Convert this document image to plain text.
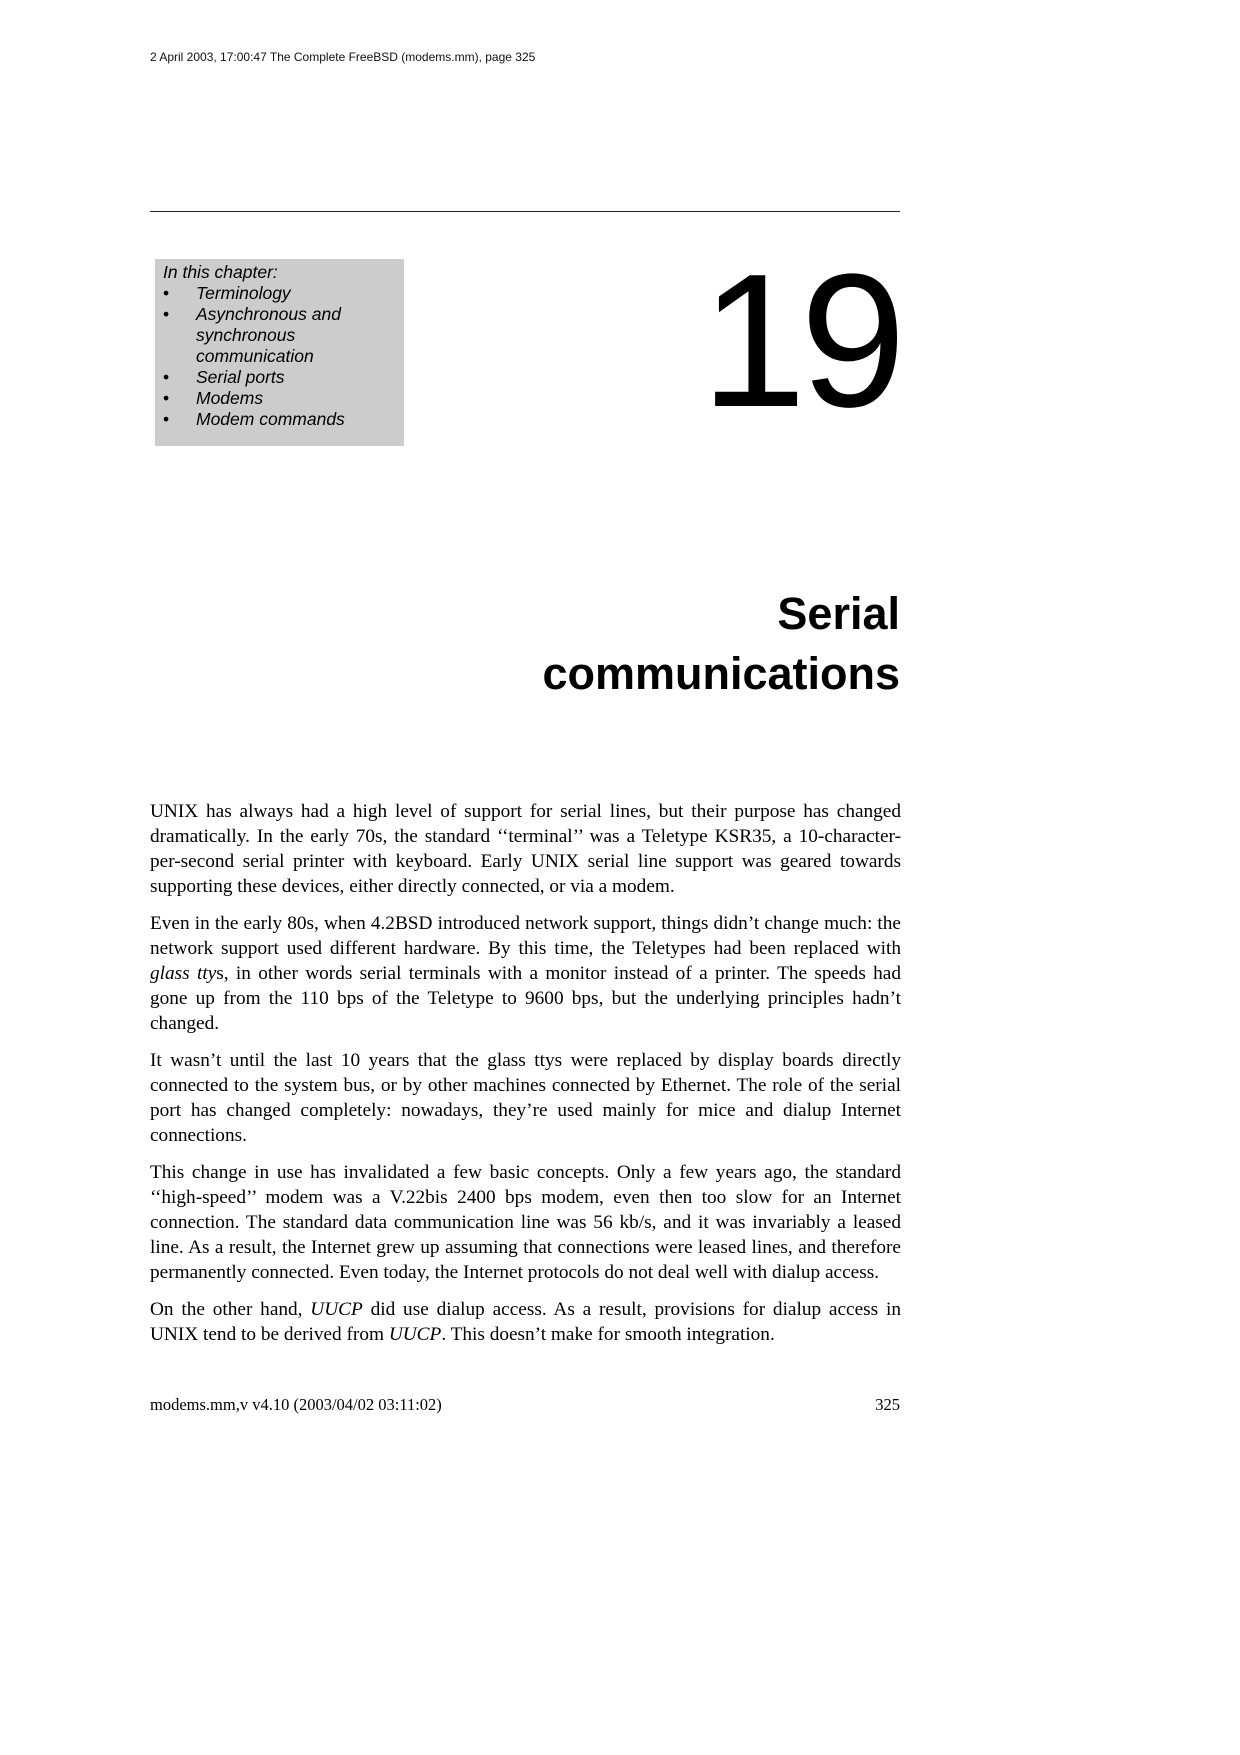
2 April 2003, 17:00:47 The Complete FreeBSD (modems.mm), page 325
In this chapter:
• Terminology
• Asynchronous and synchronous communication
• Serial ports
• Modems
• Modem commands	19
Serial
communications

UNIX has always had a high level of support for serial lines, but their purpose has changed dramatically. In the early 70s, the standard ‘‘terminal’’ was a Teletype KSR35, a 10-character-per-second serial printer with keyboard. Early UNIX serial line support was geared towards supporting these devices, either directly connected, or via a modem.

Even in the early 80s, when 4.2BSD introduced network support, things didn’t change much: the network support used different hardware. By this time, the Teletypes had been replaced with glass ttys, in other words serial terminals with a monitor instead of a printer. The speeds had gone up from the 110 bps of the Teletype to 9600 bps, but the underlying principles hadn’t changed.

It wasn’t until the last 10 years that the glass ttys were replaced by display boards directly connected to the system bus, or by other machines connected by Ethernet. The role of the serial port has changed completely: nowadays, they’re used mainly for mice and dialup Internet connections.

This change in use has invalidated a few basic concepts. Only a few years ago, the standard ‘‘high-speed’’ modem was a V.22bis 2400 bps modem, even then too slow for an Internet connection. The standard data communication line was 56 kb/s, and it was invariably a leased line. As a result, the Internet grew up assuming that connections were leased lines, and therefore permanently connected. Even today, the Internet protocols do not deal well with dialup access.

On the other hand, UUCP did use dialup access. As a result, provisions for dialup access in UNIX tend to be derived from UUCP. This doesn’t make for smooth integration.

modems.mm,v v4.10 (2003/04/02 03:11:02)	325
